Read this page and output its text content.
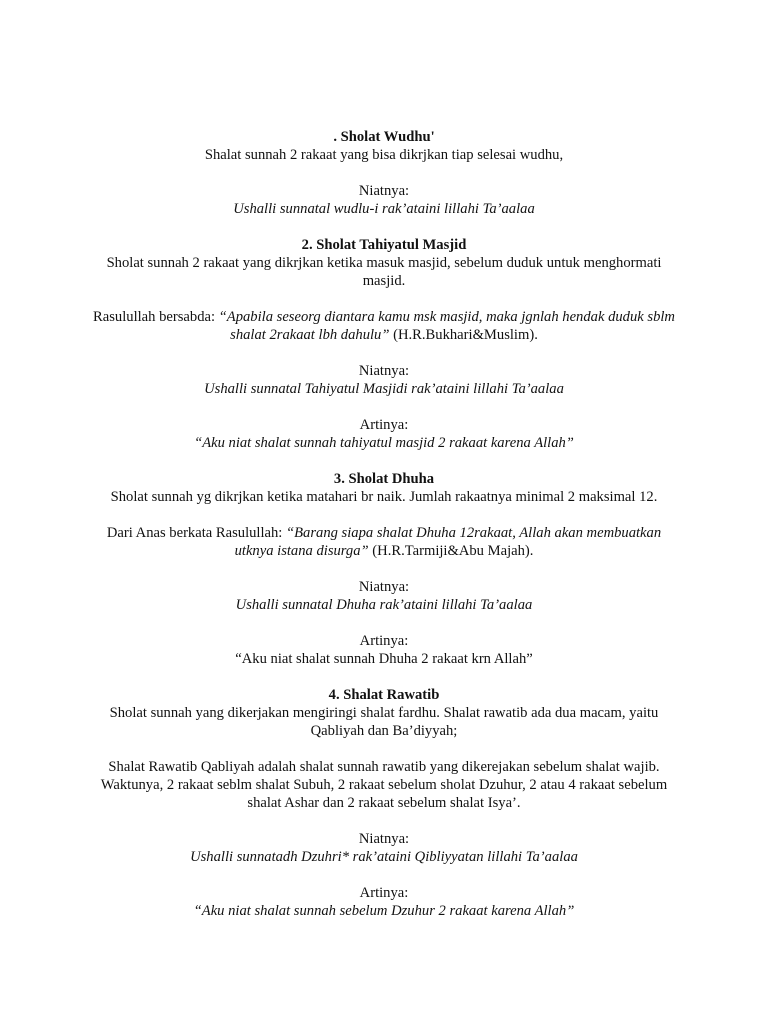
. Sholat Wudhu'

Shalat sunnah 2 rakaat yang bisa dikrjkan tiap selesai wudhu,

Niatnya:

Ushalli sunnatal wudlu-i rak’ataini lillahi Ta’aalaa

2. Sholat Tahiyatul Masjid

Sholat sunnah 2 rakaat yang dikrjkan ketika masuk masjid, sebelum duduk untuk menghormati masjid.

Rasulullah bersabda: “Apabila seseorg diantara kamu msk masjid, maka jgnlah hendak duduk sblm shalat 2rakaat lbh dahulu” (H.R.Bukhari&Muslim).

Niatnya:

Ushalli sunnatal Tahiyatul Masjidi rak’ataini lillahi Ta’aalaa

Artinya:

“Aku niat shalat sunnah tahiyatul masjid 2 rakaat karena Allah”

3. Sholat Dhuha

Sholat sunnah yg dikrjkan ketika matahari br naik. Jumlah rakaatnya minimal 2 maksimal 12.

Dari Anas berkata Rasulullah: “Barang siapa shalat Dhuha 12rakaat, Allah akan membuatkan utknya istana disurga” (H.R.Tarmiji&Abu Majah).

Niatnya:

Ushalli sunnatal Dhuha rak’ataini lillahi Ta’aalaa

Artinya:

“Aku niat shalat sunnah Dhuha 2 rakaat krn Allah”

4. Shalat Rawatib

Sholat sunnah yang dikerjakan mengiringi shalat fardhu. Shalat rawatib ada dua macam, yaitu Qabliyah dan Ba’diyyah;

Shalat Rawatib Qabliyah adalah shalat sunnah rawatib yang dikerejakan sebelum shalat wajib. Waktunya, 2 rakaat seblm shalat Subuh, 2 rakaat sebelum sholat Dzuhur, 2 atau 4 rakaat sebelum shalat Ashar dan 2 rakaat sebelum shalat Isya’.

Niatnya:

Ushalli sunnatadh Dzuhri* rak’ataini Qibliyyatan lillahi Ta’aalaa

Artinya:

“Aku niat shalat sunnah sebelum Dzuhur 2 rakaat karena Allah”
